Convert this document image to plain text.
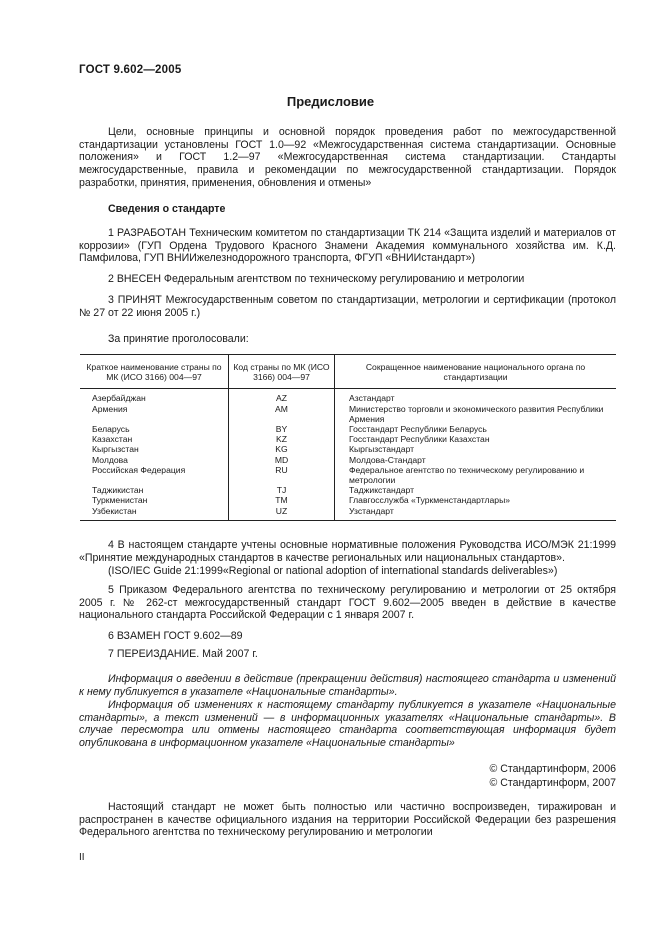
ГОСТ 9.602—2005
Предисловие
Цели, основные принципы и основной порядок проведения работ по межгосударственной стандартизации установлены ГОСТ 1.0—92 «Межгосударственная система стандартизации. Основные положения» и ГОСТ 1.2—97 «Межгосударственная система стандартизации. Стандарты межгосударственные, правила и рекомендации по межгосударственной стандартизации. Порядок разработки, принятия, применения, обновления и отмены»
Сведения о стандарте
1 РАЗРАБОТАН Техническим комитетом по стандартизации ТК 214 «Защита изделий и материалов от коррозии» (ГУП Ордена Трудового Красного Знамени Академия коммунального хозяйства им. К.Д. Памфилова, ГУП ВНИИжелезнодорожного транспорта, ФГУП «ВНИИстандарт»)
2 ВНЕСЕН Федеральным агентством по техническому регулированию и метрологии
3 ПРИНЯТ Межгосударственным советом по стандартизации, метрологии и сертификации (протокол № 27 от 22 июня 2005 г.)
За принятие проголосовали:
Краткое наименование страны по МК (ИСО 3166) 004—97	Код страны по МК (ИСО 3166) 004—97	Сокращенное наименование национального органа по стандартизации
Азербайджан	AZ	Азстандарт
Армения	AM	Министерство торговли и экономического развития Республики Армения
Беларусь	BY	Госстандарт Республики Беларусь
Казахстан	KZ	Госстандарт Республики Казахстан
Кыргызстан	KG	Кыргызстандарт
Молдова	MD	Молдова-Стандарт
Российская Федерация	RU	Федеральное агентство по техническому регулированию и метрологии
Таджикистан	TJ	Таджикстандарт
Туркменистан	TM	Главгосслужба «Туркменстандартлары»
Узбекистан	UZ	Узстандарт
4 В настоящем стандарте учтены основные нормативные положения Руководства ИСО/МЭК 21:1999 «Принятие международных стандартов в качестве региональных или национальных стандартов».
(ISO/IEC Guide 21:1999«Regional or national adoption of international standards deliverables»)
5 Приказом Федерального агентства по техническому регулированию и метрологии от 25 октября 2005 г. № 262-ст межгосударственный стандарт ГОСТ 9.602—2005 введен в действие в качестве национального стандарта Российской Федерации с 1 января 2007 г.
6 ВЗАМЕН ГОСТ 9.602—89
7 ПЕРЕИЗДАНИЕ. Май 2007 г.
Информация о введении в действие (прекращении действия) настоящего стандарта и изменений к нему публикуется в указателе «Национальные стандарты».
Информация об изменениях к настоящему стандарту публикуется в указателе «Национальные стандарты», а текст изменений — в информационных указателях «Национальные стандарты». В случае пересмотра или отмены настоящего стандарта соответствующая информация будет опубликована в информационном указателе «Национальные стандарты»
© Стандартинформ, 2006
© Стандартинформ, 2007
Настоящий стандарт не может быть полностью или частично воспроизведен, тиражирован и распространен в качестве официального издания на территории Российской Федерации без разрешения Федерального агентства по техническому регулированию и метрологии
II
